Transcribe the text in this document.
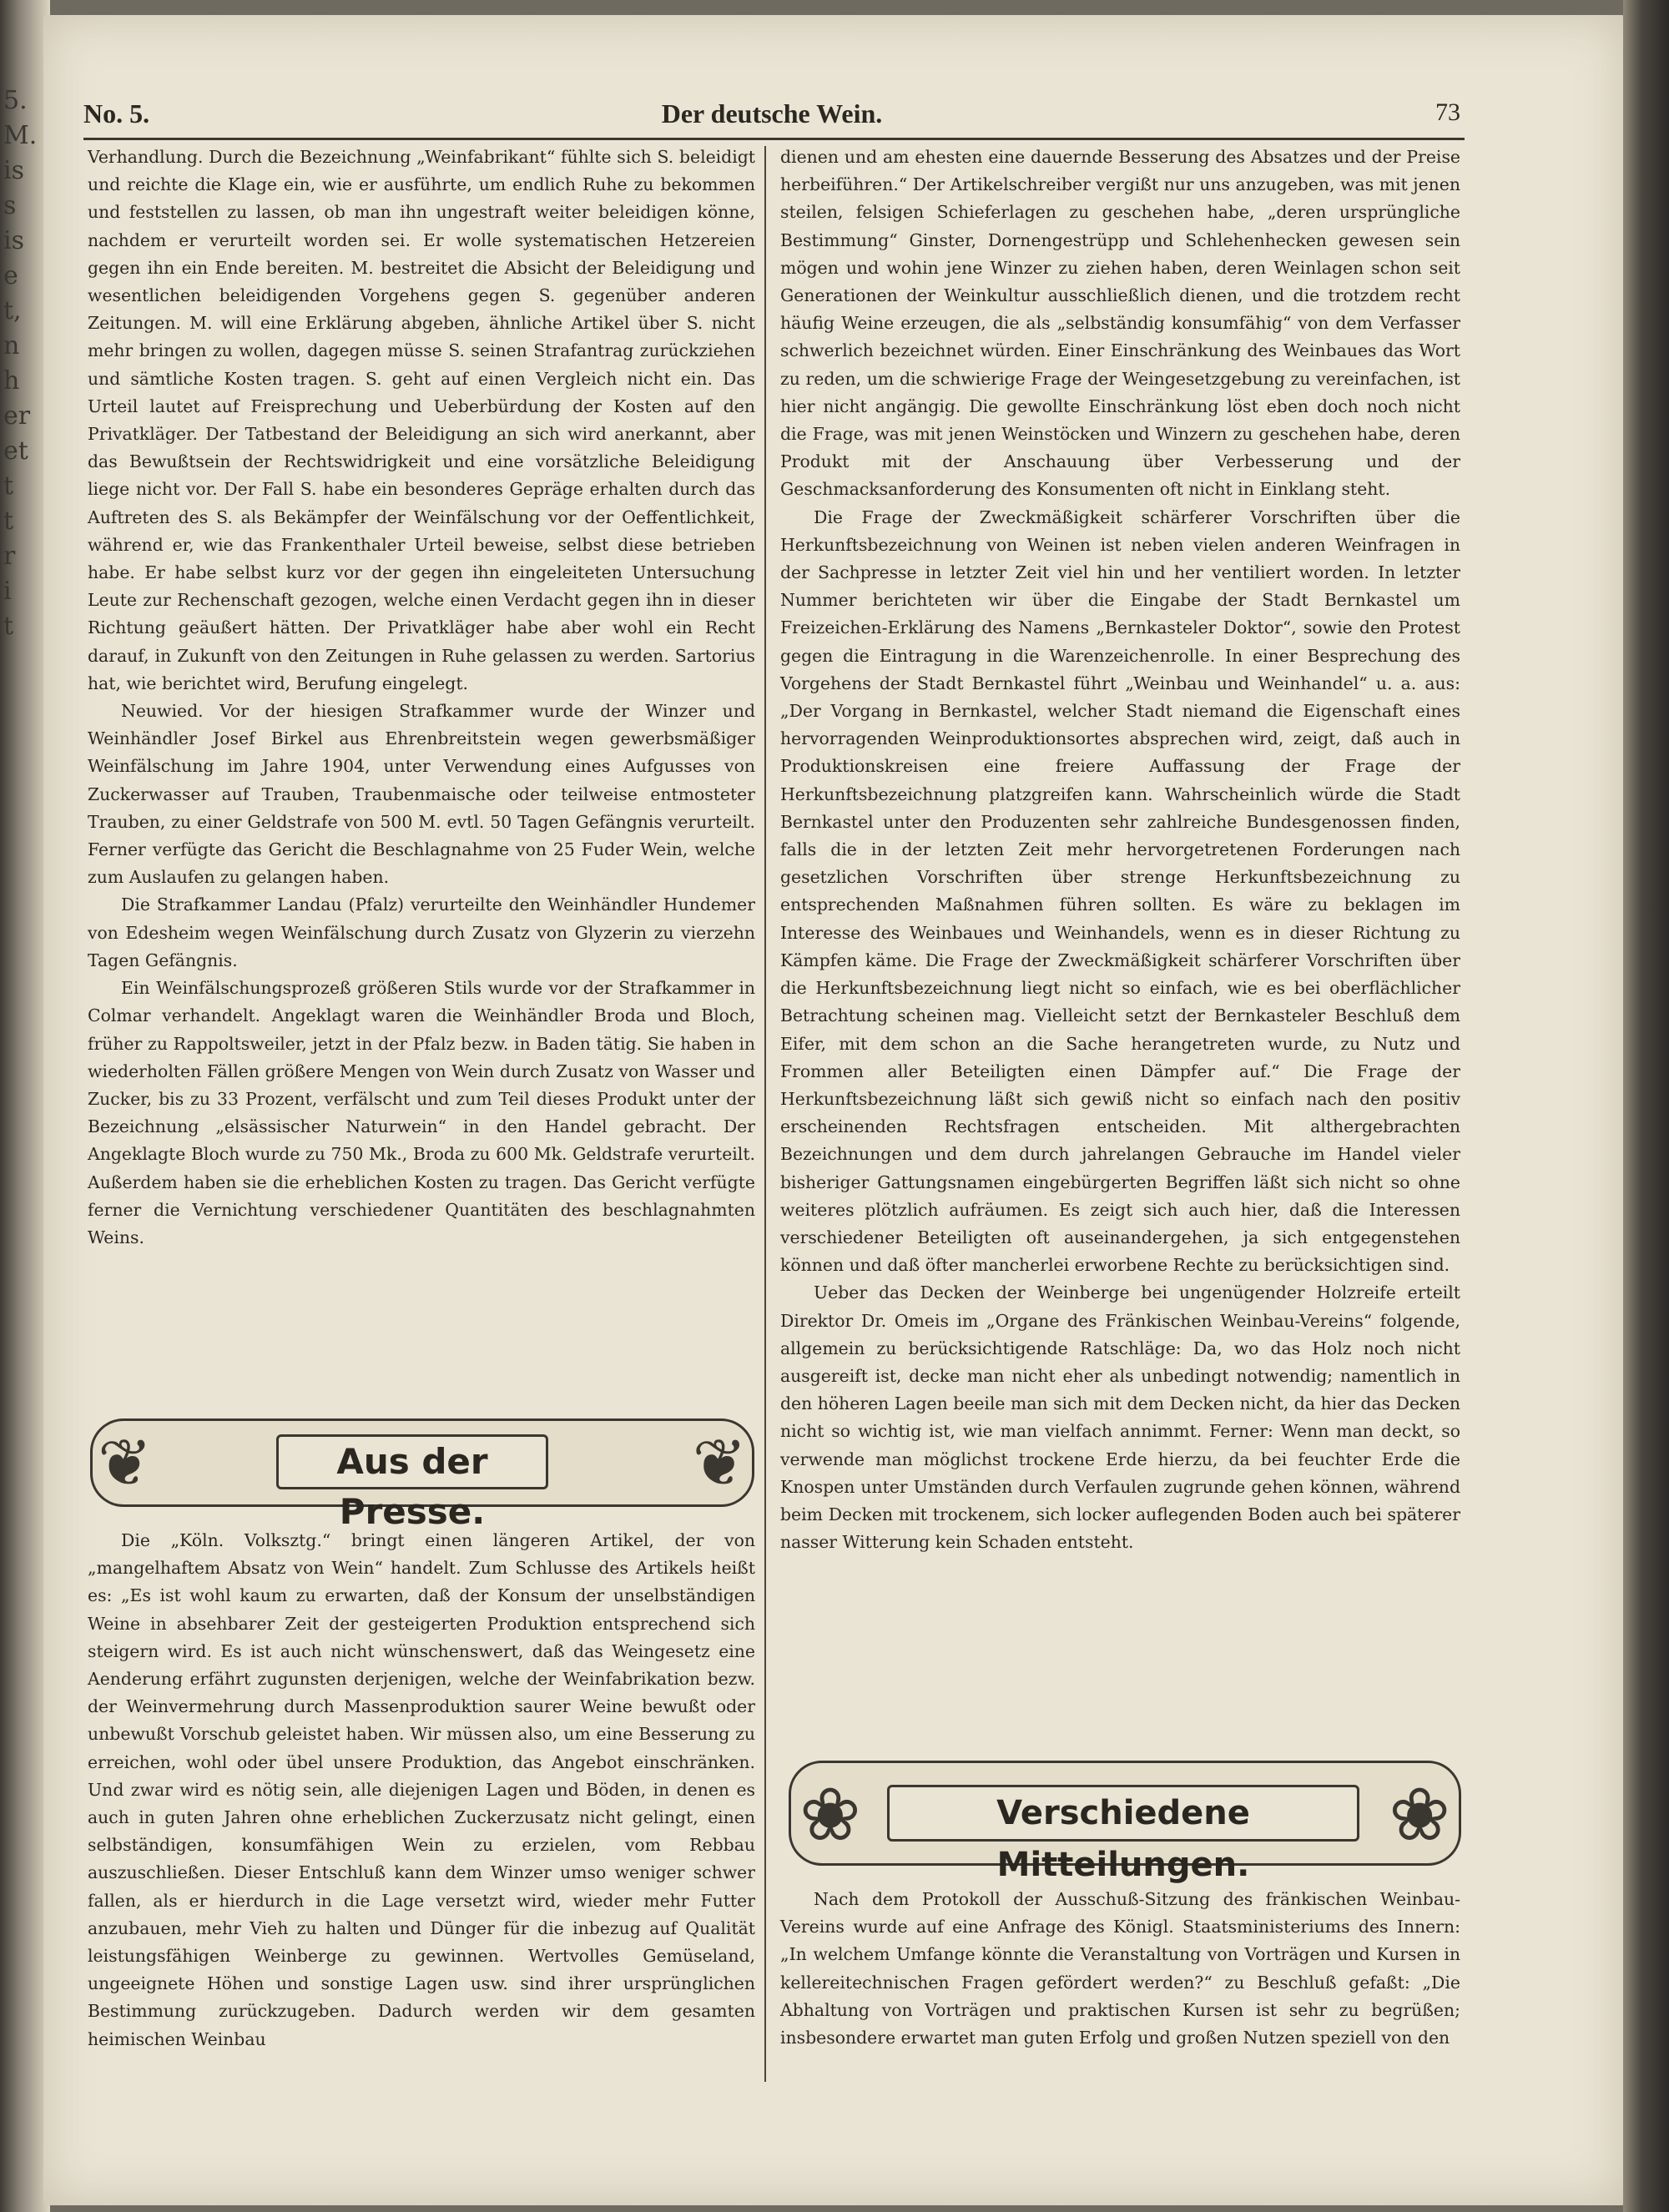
5.
M.
is
s
is
e
t,
n
h
er
et
t
t
r
i
t
No. 5.	Der deutsche Wein.	73

Verhandlung. Durch die Bezeichnung „Weinfabrikant“ fühlte sich S. beleidigt und reichte die Klage ein, wie er ausführte, um endlich Ruhe zu bekommen und feststellen zu lassen, ob man ihn ungestraft weiter beleidigen könne, nachdem er verurteilt worden sei. Er wolle systematischen Hetzereien gegen ihn ein Ende bereiten. M. bestreitet die Absicht der Beleidigung und wesentlichen beleidigenden Vorgehens gegen S. gegenüber anderen Zeitungen. M. will eine Erklärung abgeben, ähnliche Artikel über S. nicht mehr bringen zu wollen, dagegen müsse S. seinen Strafantrag zurückziehen und sämtliche Kosten tragen. S. geht auf einen Vergleich nicht ein. Das Urteil lautet auf Freisprechung und Ueberbürdung der Kosten auf den Privatkläger. Der Tatbestand der Beleidigung an sich wird anerkannt, aber das Bewußtsein der Rechtswidrigkeit und eine vorsätzliche Beleidigung liege nicht vor. Der Fall S. habe ein besonderes Gepräge erhalten durch das Auftreten des S. als Bekämpfer der Weinfälschung vor der Oeffentlichkeit, während er, wie das Frankenthaler Urteil beweise, selbst diese betrieben habe. Er habe selbst kurz vor der gegen ihn eingeleiteten Untersuchung Leute zur Rechenschaft gezogen, welche einen Verdacht gegen ihn in dieser Richtung geäußert hätten. Der Privatkläger habe aber wohl ein Recht darauf, in Zukunft von den Zeitungen in Ruhe gelassen zu werden. Sartorius hat, wie berichtet wird, Berufung eingelegt.

Neuwied. Vor der hiesigen Strafkammer wurde der Winzer und Weinhändler Josef Birkel aus Ehrenbreitstein wegen gewerbsmäßiger Weinfälschung im Jahre 1904, unter Verwendung eines Aufgusses von Zuckerwasser auf Trauben, Traubenmaische oder teilweise entmosteter Trauben, zu einer Geldstrafe von 500 M. evtl. 50 Tagen Gefängnis verurteilt. Ferner verfügte das Gericht die Beschlagnahme von 25 Fuder Wein, welche zum Auslaufen zu gelangen haben.

Die Strafkammer Landau (Pfalz) verurteilte den Weinhändler Hundemer von Edesheim wegen Weinfälschung durch Zusatz von Glyzerin zu vierzehn Tagen Gefängnis.

Ein Weinfälschungsprozeß größeren Stils wurde vor der Strafkammer in Colmar verhandelt. Angeklagt waren die Weinhändler Broda und Bloch, früher zu Rappoltsweiler, jetzt in der Pfalz bezw. in Baden tätig. Sie haben in wiederholten Fällen größere Mengen von Wein durch Zusatz von Wasser und Zucker, bis zu 33 Prozent, verfälscht und zum Teil dieses Produkt unter der Bezeichnung „elsässischer Naturwein“ in den Handel gebracht. Der Angeklagte Bloch wurde zu 750 Mk., Broda zu 600 Mk. Geldstrafe verurteilt. Außerdem haben sie die erheblichen Kosten zu tragen. Das Gericht verfügte ferner die Vernichtung verschiedener Quantitäten des beschlagnahmten Weins.

❦	❦
Aus der Presse.

Die „Köln. Volksztg.“ bringt einen längeren Artikel, der von „mangelhaftem Absatz von Wein“ handelt. Zum Schlusse des Artikels heißt es: „Es ist wohl kaum zu erwarten, daß der Konsum der unselbständigen Weine in absehbarer Zeit der gesteigerten Produktion entsprechend sich steigern wird. Es ist auch nicht wünschenswert, daß das Weingesetz eine Aenderung erfährt zugunsten derjenigen, welche der Weinfabrikation bezw. der Weinvermehrung durch Massenproduktion saurer Weine bewußt oder unbewußt Vorschub geleistet haben. Wir müssen also, um eine Besserung zu erreichen, wohl oder übel unsere Produktion, das Angebot einschränken. Und zwar wird es nötig sein, alle diejenigen Lagen und Böden, in denen es auch in guten Jahren ohne erheblichen Zuckerzusatz nicht gelingt, einen selbständigen, konsumfähigen Wein zu erzielen, vom Rebbau auszuschließen. Dieser Entschluß kann dem Winzer umso weniger schwer fallen, als er hierdurch in die Lage versetzt wird, wieder mehr Futter anzubauen, mehr Vieh zu halten und Dünger für die inbezug auf Qualität leistungsfähigen Weinberge zu gewinnen. Wertvolles Gemüseland, ungeeignete Höhen und sonstige Lagen usw. sind ihrer ursprünglichen Bestimmung zurückzugeben. Dadurch werden wir dem gesamten heimischen Weinbau

dienen und am ehesten eine dauernde Besserung des Absatzes und der Preise herbeiführen.“ Der Artikelschreiber vergißt nur uns anzugeben, was mit jenen steilen, felsigen Schieferlagen zu geschehen habe, „deren ursprüngliche Bestimmung“ Ginster, Dornengestrüpp und Schlehenhecken gewesen sein mögen und wohin jene Winzer zu ziehen haben, deren Weinlagen schon seit Generationen der Weinkultur ausschließlich dienen, und die trotzdem recht häufig Weine erzeugen, die als „selbständig konsumfähig“ von dem Verfasser schwerlich bezeichnet würden. Einer Einschränkung des Weinbaues das Wort zu reden, um die schwierige Frage der Weingesetzgebung zu vereinfachen, ist hier nicht angängig. Die gewollte Einschränkung löst eben doch noch nicht die Frage, was mit jenen Weinstöcken und Winzern zu geschehen habe, deren Produkt mit der Anschauung über Verbesserung und der Geschmacksanforderung des Konsumenten oft nicht in Einklang steht.

Die Frage der Zweckmäßigkeit schärferer Vorschriften über die Herkunftsbezeichnung von Weinen ist neben vielen anderen Weinfragen in der Sachpresse in letzter Zeit viel hin und her ventiliert worden. In letzter Nummer berichteten wir über die Eingabe der Stadt Bernkastel um Freizeichen-Erklärung des Namens „Bernkasteler Doktor“, sowie den Protest gegen die Eintragung in die Warenzeichenrolle. In einer Besprechung des Vorgehens der Stadt Bernkastel führt „Weinbau und Weinhandel“ u. a. aus: „Der Vorgang in Bernkastel, welcher Stadt niemand die Eigenschaft eines hervorragenden Weinproduktionsortes absprechen wird, zeigt, daß auch in Produktionskreisen eine freiere Auffassung der Frage der Herkunftsbezeichnung platzgreifen kann. Wahrscheinlich würde die Stadt Bernkastel unter den Produzenten sehr zahlreiche Bundesgenossen finden, falls die in der letzten Zeit mehr hervorgetretenen Forderungen nach gesetzlichen Vorschriften über strenge Herkunftsbezeichnung zu entsprechenden Maßnahmen führen sollten. Es wäre zu beklagen im Interesse des Weinbaues und Weinhandels, wenn es in dieser Richtung zu Kämpfen käme. Die Frage der Zweckmäßigkeit schärferer Vorschriften über die Herkunftsbezeichnung liegt nicht so einfach, wie es bei oberflächlicher Betrachtung scheinen mag. Vielleicht setzt der Bernkasteler Beschluß dem Eifer, mit dem schon an die Sache herangetreten wurde, zu Nutz und Frommen aller Beteiligten einen Dämpfer auf.“ Die Frage der Herkunftsbezeichnung läßt sich gewiß nicht so einfach nach den positiv erscheinenden Rechtsfragen entscheiden. Mit althergebrachten Bezeichnungen und dem durch jahrelangen Gebrauche im Handel vieler bisheriger Gattungsnamen eingebürgerten Begriffen läßt sich nicht so ohne weiteres plötzlich aufräumen. Es zeigt sich auch hier, daß die Interessen verschiedener Beteiligten oft auseinandergehen, ja sich entgegenstehen können und daß öfter mancherlei erworbene Rechte zu berücksichtigen sind.

Ueber das Decken der Weinberge bei ungenügender Holzreife erteilt Direktor Dr. Omeis im „Organe des Fränkischen Weinbau-Vereins“ folgende, allgemein zu berücksichtigende Ratschläge: Da, wo das Holz noch nicht ausgereift ist, decke man nicht eher als unbedingt notwendig; namentlich in den höheren Lagen beeile man sich mit dem Decken nicht, da hier das Decken nicht so wichtig ist, wie man vielfach annimmt. Ferner: Wenn man deckt, so verwende man möglichst trockene Erde hierzu, da bei feuchter Erde die Knospen unter Umständen durch Verfaulen zugrunde gehen können, während beim Decken mit trockenem, sich locker auflegenden Boden auch bei späterer nasser Witterung kein Schaden entsteht.

❀	❀
Verschiedene Mitteilungen.

Nach dem Protokoll der Ausschuß-Sitzung des fränkischen Weinbau-Vereins wurde auf eine Anfrage des Königl. Staatsministeriums des Innern: „In welchem Umfange könnte die Veranstaltung von Vorträgen und Kursen in kellereitechnischen Fragen gefördert werden?“ zu Beschluß gefaßt: „Die Abhaltung von Vorträgen und praktischen Kursen ist sehr zu begrüßen; insbesondere erwartet man guten Erfolg und großen Nutzen speziell von den
